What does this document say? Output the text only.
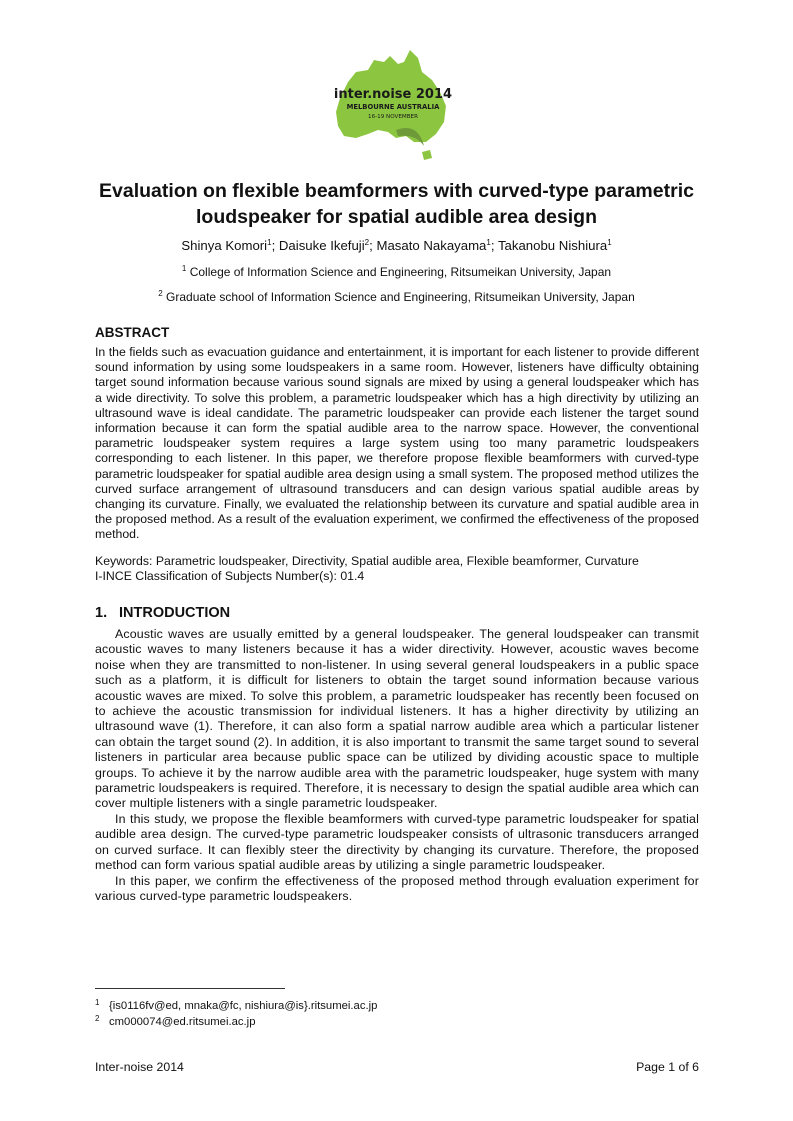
inter.noise 2014
MELBOURNE AUSTRALIA
16-19 NOVEMBER
Evaluation on flexible beamformers with curved-type parametric
loudspeaker for spatial audible area design
Shinya Komori$^1$; Daisuke Ikefuji$^2$; Masato Nakayama$^1$; Takanobu Nishiura$^1$
$^1$ College of Information Science and Engineering, Ritsumeikan University, Japan
$^2$ Graduate school of Information Science and Engineering, Ritsumeikan University, Japan
ABSTRACT

In the fields such as evacuation guidance and entertainment, it is important for each listener to provide different sound information by using some loudspeakers in a same room. However, listeners have difficulty obtaining target sound information because various sound signals are mixed by using a general loudspeaker which has a wide directivity. To solve this problem, a parametric loudspeaker which has a high directivity by utilizing an ultrasound wave is ideal candidate. The parametric loudspeaker can provide each listener the target sound information because it can form the spatial audible area to the narrow space. However, the conventional parametric loudspeaker system requires a large system using too many parametric loudspeakers corresponding to each listener. In this paper, we therefore propose flexible beamformers with curved-type parametric loudspeaker for spatial audible area design using a small system. The proposed method utilizes the curved surface arrangement of ultrasound transducers and can design various spatial audible areas by changing its curvature. Finally, we evaluated the relationship between its curvature and spatial audible area in the proposed method. As a result of the evaluation experiment, we confirmed the effectiveness of the proposed method.

Keywords: Parametric loudspeaker, Directivity, Spatial audible area, Flexible beamformer, Curvature
I-INCE Classification of Subjects Number(s): 01.4
1. INTRODUCTION

Acoustic waves are usually emitted by a general loudspeaker. The general loudspeaker can transmit acoustic waves to many listeners because it has a wider directivity. However, acoustic waves become noise when they are transmitted to non-listener. In using several general loudspeakers in a public space such as a platform, it is difficult for listeners to obtain the target sound information because various acoustic waves are mixed. To solve this problem, a parametric loudspeaker has recently been focused on to achieve the acoustic transmission for individual listeners. It has a higher directivity by utilizing an ultrasound wave (1). Therefore, it can also form a spatial narrow audible area which a particular listener can obtain the target sound (2). In addition, it is also important to transmit the same target sound to several listeners in particular area because public space can be utilized by dividing acoustic space to multiple groups. To achieve it by the narrow audible area with the parametric loudspeaker, huge system with many parametric loudspeakers is required. Therefore, it is necessary to design the spatial audible area which can cover multiple listeners with a single parametric loudspeaker.

In this study, we propose the flexible beamformers with curved-type parametric loudspeaker for spatial audible area design. The curved-type parametric loudspeaker consists of ultrasonic transducers arranged on curved surface. It can flexibly steer the directivity by changing its curvature. Therefore, the proposed method can form various spatial audible areas by utilizing a single parametric loudspeaker.

In this paper, we confirm the effectiveness of the proposed method through evaluation experiment for various curved-type parametric loudspeakers.

1 {is0116fv@ed, mnaka@fc, nishiura@is}.ritsumei.ac.jp
2 cm000074@ed.ritsumei.ac.jp
Inter-noise 2014	Page 1 of 6
